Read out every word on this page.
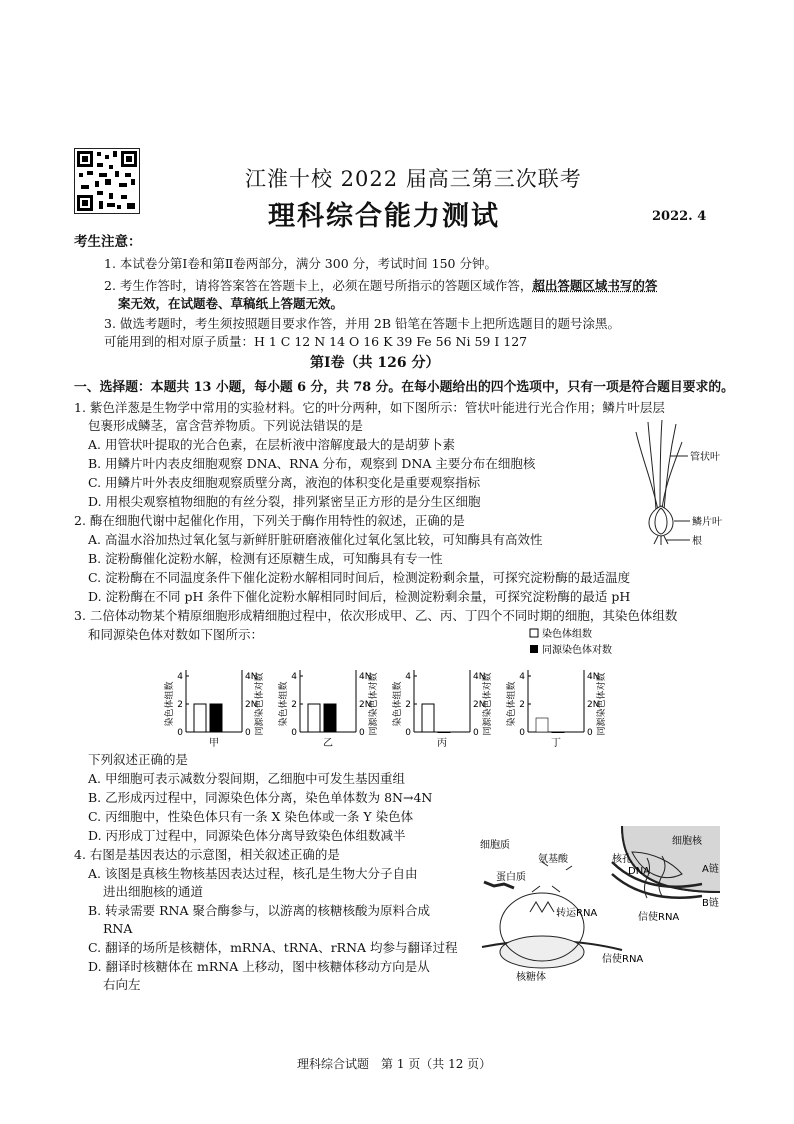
江淮十校 2022 届高三第三次联考
理科综合能力测试	2022. 4
考生注意：
1. 本试卷分第Ⅰ卷和第Ⅱ卷两部分，满分 300 分，考试时间 150 分钟。
2. 考生作答时，请将答案答在答题卡上，必须在题号所指示的答题区域作答，超出答题区域书写的答
案无效，在试题卷、草稿纸上答题无效。
3. 做选考题时，考生须按照题目要求作答，并用 2B 铅笔在答题卡上把所选题目的题号涂黑。
可能用到的相对原子质量：H 1 C 12 N 14 O 16 K 39 Fe 56 Ni 59 I 127
第Ⅰ卷（共 126 分）
一、选择题：本题共 13 小题，每小题 6 分，共 78 分。在每小题给出的四个选项中，只有一项是符合题目要求的。
1. 紫色洋葱是生物学中常用的实验材料。它的叶分两种，如下图所示：管状叶能进行光合作用；鳞片叶层层
包裹形成鳞茎，富含营养物质。下列说法错误的是
A. 用管状叶提取的光合色素，在层析液中溶解度最大的是胡萝卜素
B. 用鳞片叶内表皮细胞观察 DNA、RNA 分布，观察到 DNA 主要分布在细胞核
C. 用鳞片叶外表皮细胞观察质壁分离，液泡的体积变化是重要观察指标
D. 用根尖观察植物细胞的有丝分裂，排列紧密呈正方形的是分生区细胞
管状叶
鳞片叶
根
2. 酶在细胞代谢中起催化作用，下列关于酶作用特性的叙述，正确的是
A. 高温水浴加热过氧化氢与新鲜肝脏研磨液催化过氧化氢比较，可知酶具有高效性
B. 淀粉酶催化淀粉水解，检测有还原糖生成，可知酶具有专一性
C. 淀粉酶在不同温度条件下催化淀粉水解相同时间后，检测淀粉剩余量，可探究淀粉酶的最适温度
D. 淀粉酶在不同 pH 条件下催化淀粉水解相同时间后，检测淀粉剩余量，可探究淀粉酶的最适 pH
3. 二倍体动物某个精原细胞形成精细胞过程中，依次形成甲、乙、丙、丁四个不同时期的细胞，其染色体组数
和同源染色体对数如下图所示：	染色体组数
同源染色体对数
染色体组数	同源染色体对数
0	0
2	2N
4	4N
甲
染色体组数	同源染色体对数
0	0
2	2N
4	4N
乙
染色体组数	同源染色体对数
0	0
2	2N
4	4N
丙
染色体组数	同源染色体对数
0	0
2	2N
4	4N
丁
下列叙述正确的是
A. 甲细胞可表示减数分裂间期，乙细胞中可发生基因重组
B. 乙形成丙过程中，同源染色体分离，染色单体数为 8N→4N
C. 丙细胞中，性染色体只有一条 X 染色体或一条 Y 染色体
D. 丙形成丁过程中，同源染色体分离导致染色体组数减半
4. 右图是基因表达的示意图，相关叙述正确的是
A. 该图是真核生物核基因表达过程，核孔是生物大分子自由
进出细胞核的通道
B. 转录需要 RNA 聚合酶参与，以游离的核糖核酸为原料合成
RNA
C. 翻译的场所是核糖体，mRNA、tRNA、rRNA 均参与翻译过程
D. 翻译时核糖体在 mRNA 上移动，图中核糖体移动方向是从
右向左
细胞质
氨基酸	核孔
细胞核
蛋白质
DNA	A链
B链
转运RNA	信使RNA
核糖体
信使RNA
理科综合试题　第 1 页（共 12 页）
